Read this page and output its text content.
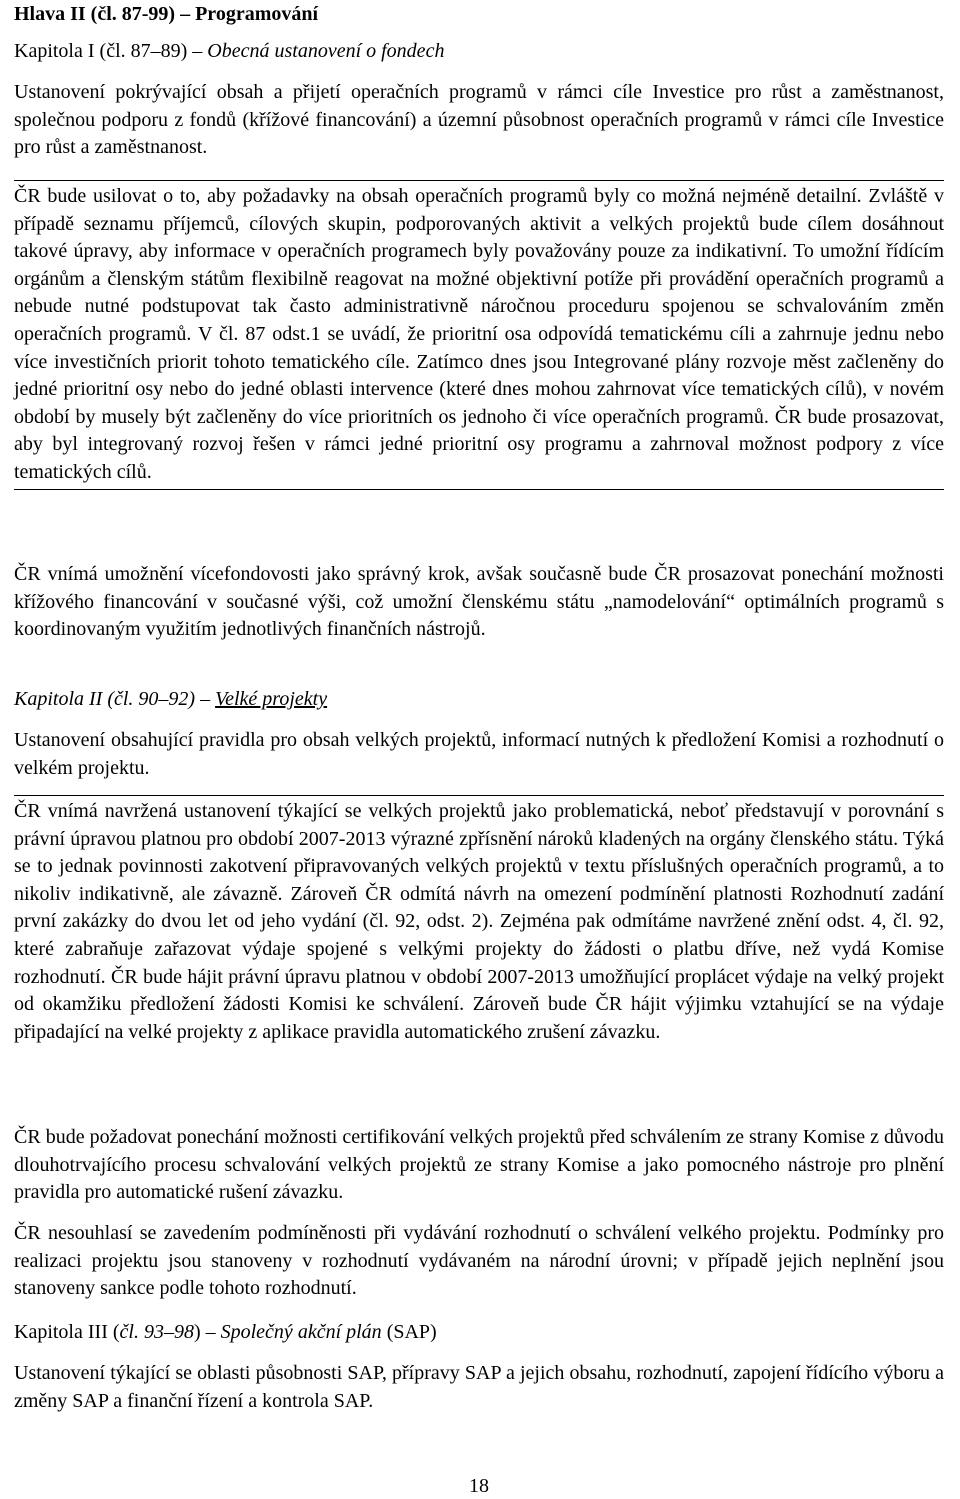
Hlava II (čl. 87-99) – Programování
Kapitola I (čl. 87–89) – Obecná ustanovení o fondech
Ustanovení pokrývající obsah a přijetí operačních programů v rámci cíle Investice pro růst a zaměstnanost, společnou podporu z fondů (křížové financování) a územní působnost operačních programů v rámci cíle Investice pro růst a zaměstnanost.
ČR bude usilovat o to, aby požadavky na obsah operačních programů byly co možná nejméně detailní. Zvláště v případě seznamu příjemců, cílových skupin, podporovaných aktivit a velkých projektů bude cílem dosáhnout takové úpravy, aby informace v operačních programech byly považovány pouze za indikativní. To umožní řídícím orgánům a členským státům flexibilně reagovat na možné objektivní potíže při provádění operačních programů a nebude nutné podstupovat tak často administrativně náročnou proceduru spojenou se schvalováním změn operačních programů. V čl. 87 odst.1 se uvádí, že prioritní osa odpovídá tematickému cíli a zahrnuje jednu nebo více investičních priorit tohoto tematického cíle. Zatímco dnes jsou Integrované plány rozvoje měst začleněny do jedné prioritní osy nebo do jedné oblasti intervence (které dnes mohou zahrnovat více tematických cílů), v novém období by musely být začleněny do více prioritních os jednoho či více operačních programů. ČR bude prosazovat, aby byl integrovaný rozvoj řešen v rámci jedné prioritní osy programu a zahrnoval možnost podpory z více tematických cílů.
ČR vnímá umožnění vícefondovosti jako správný krok, avšak současně bude ČR prosazovat ponechání možnosti křížového financování v současné výši, což umožní členskému státu „namodelování“ optimálních programů s koordinovaným využitím jednotlivých finančních nástrojů.
Kapitola II (čl. 90–92) – Velké projekty
Ustanovení obsahující pravidla pro obsah velkých projektů, informací nutných k předložení Komisi a rozhodnutí o velkém projektu.
ČR vnímá navržená ustanovení týkající se velkých projektů jako problematická, neboť představují v porovnání s právní úpravou platnou pro období 2007-2013 výrazné zpřísnění nároků kladených na orgány členského státu. Týká se to jednak povinnosti zakotvení připravovaných velkých projektů v textu příslušných operačních programů, a to nikoliv indikativně, ale závazně. Zároveň ČR odmítá návrh na omezení podmínění platnosti Rozhodnutí zadání první zakázky do dvou let od jeho vydání (čl. 92, odst. 2). Zejména pak odmítáme navržené znění odst. 4, čl. 92, které zabraňuje zařazovat výdaje spojené s velkými projekty do žádosti o platbu dříve, než vydá Komise rozhodnutí. ČR bude hájit právní úpravu platnou v období 2007-2013 umožňující proplácet výdaje na velký projekt od okamžiku předložení žádosti Komisi ke schválení. Zároveň bude ČR hájit výjimku vztahující se na výdaje připadající na velké projekty z aplikace pravidla automatického zrušení závazku.
ČR bude požadovat ponechání možnosti certifikování velkých projektů před schválením ze strany Komise z důvodu dlouhotrvajícího procesu schvalování velkých projektů ze strany Komise a jako pomocného nástroje pro plnění pravidla pro automatické rušení závazku.
ČR nesouhlasí se zavedením podmíněnosti při vydávání rozhodnutí o schválení velkého projektu. Podmínky pro realizaci projektu jsou stanoveny v rozhodnutí vydávaném na národní úrovni; v případě jejich neplnění jsou stanoveny sankce podle tohoto rozhodnutí.
Kapitola III (čl. 93–98) – Společný akční plán (SAP)
Ustanovení týkající se oblasti působnosti SAP, přípravy SAP a jejich obsahu, rozhodnutí, zapojení řídícího výboru a změny SAP a finanční řízení a kontrola SAP.
18
